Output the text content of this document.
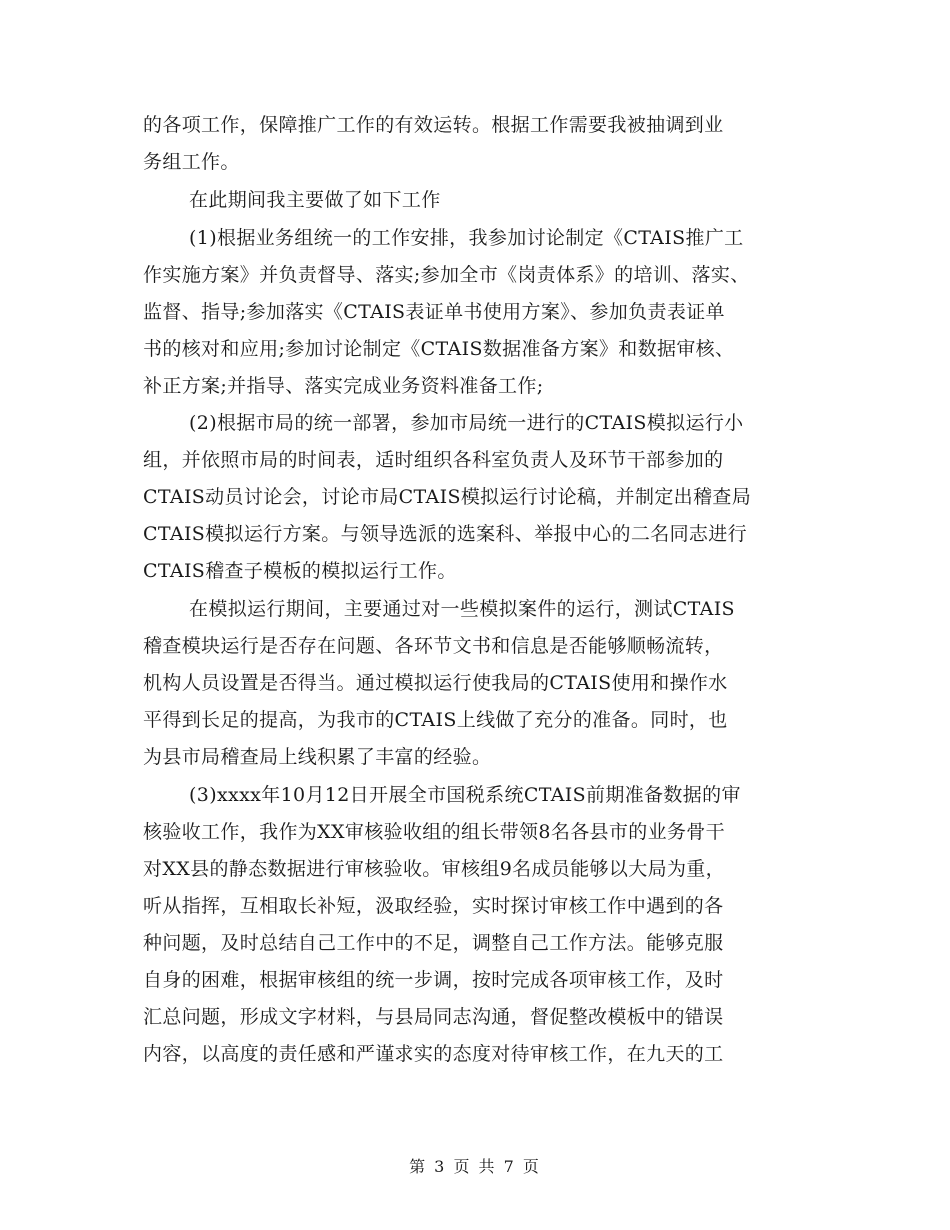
的各项工作，保障推广工作的有效运转。根据工作需要我被抽调到业
务组工作。
在此期间我主要做了如下工作
(1)根据业务组统一的工作安排，我参加讨论制定《CTAIS推广工
作实施方案》并负责督导、落实;参加全市《岗责体系》的培训、落实、
监督、指导;参加落实《CTAIS表证单书使用方案》、参加负责表证单
书的核对和应用;参加讨论制定《CTAIS数据准备方案》和数据审核、
补正方案;并指导、落实完成业务资料准备工作;
(2)根据市局的统一部署，参加市局统一进行的CTAIS模拟运行小
组，并依照市局的时间表，适时组织各科室负责人及环节干部参加的
CTAIS动员讨论会，讨论市局CTAIS模拟运行讨论稿，并制定出稽查局
CTAIS模拟运行方案。与领导选派的选案科、举报中心的二名同志进行
CTAIS稽查子模板的模拟运行工作。
在模拟运行期间，主要通过对一些模拟案件的运行，测试CTAIS
稽查模块运行是否存在问题、各环节文书和信息是否能够顺畅流转，
机构人员设置是否得当。通过模拟运行使我局的CTAIS使用和操作水
平得到长足的提高，为我市的CTAIS上线做了充分的准备。同时，也
为县市局稽查局上线积累了丰富的经验。
(3)xxxx年10月12日开展全市国税系统CTAIS前期准备数据的审
核验收工作，我作为XX审核验收组的组长带领8名各县市的业务骨干
对XX县的静态数据进行审核验收。审核组9名成员能够以大局为重，
听从指挥，互相取长补短，汲取经验，实时探讨审核工作中遇到的各
种问题，及时总结自己工作中的不足，调整自己工作方法。能够克服
自身的困难，根据审核组的统一步调，按时完成各项审核工作，及时
汇总问题，形成文字材料，与县局同志沟通，督促整改模板中的错误
内容，以高度的责任感和严谨求实的态度对待审核工作，在九天的工
第 3 页 共 7 页
